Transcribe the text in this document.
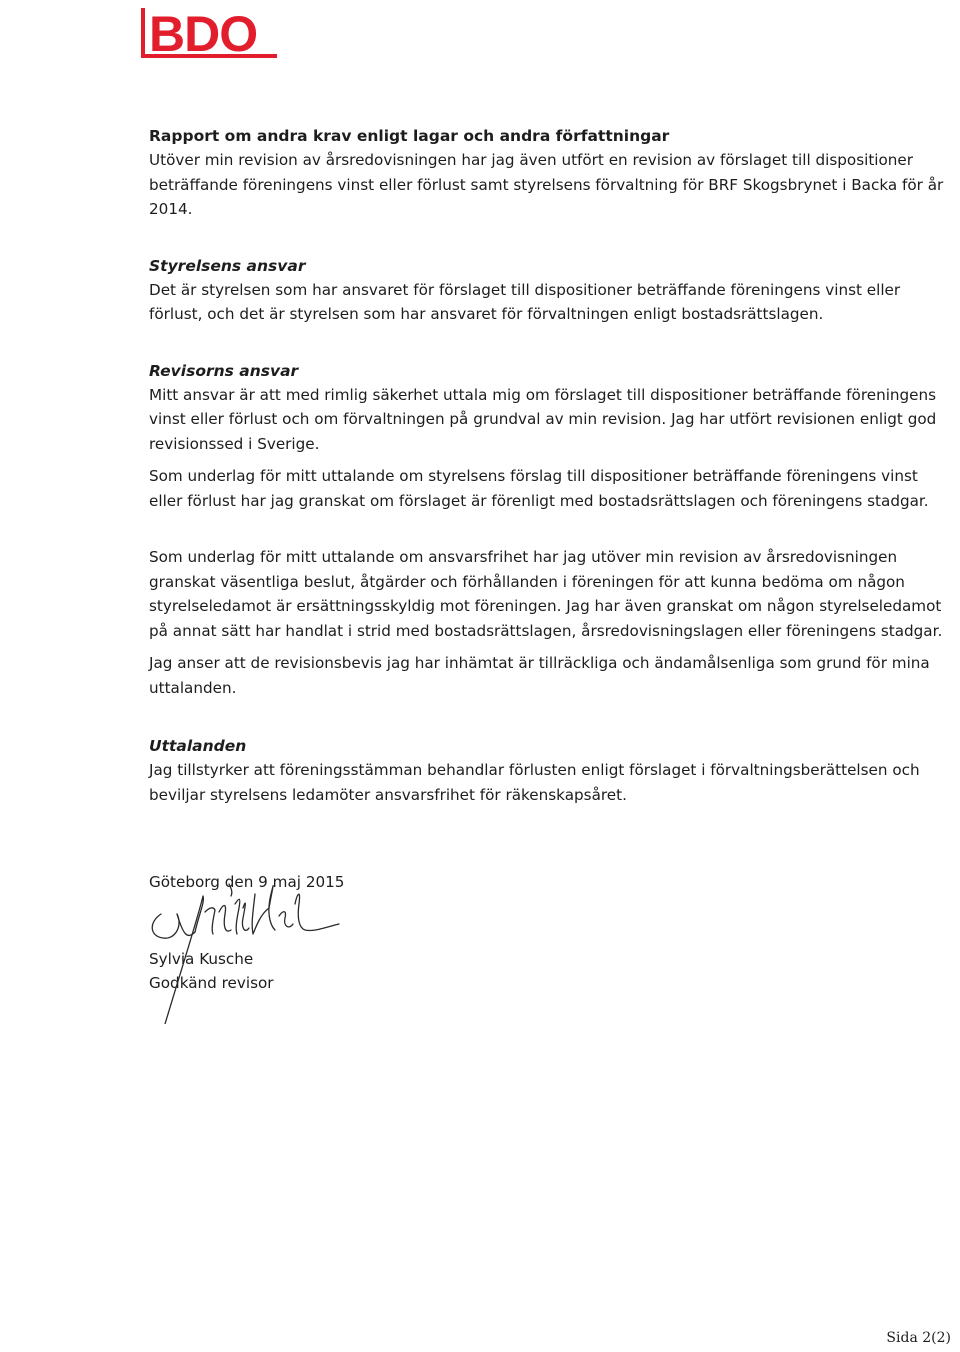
BDO

Rapport om andra krav enligt lagar och andra författningar

Utöver min revision av årsredovisningen har jag även utfört en revision av förslaget till dispositioner beträffande föreningens vinst eller förlust samt styrelsens förvaltning för BRF Skogsbrynet i Backa för år 2014.

Styrelsens ansvar

Det är styrelsen som har ansvaret för förslaget till dispositioner beträffande föreningens vinst eller förlust, och det är styrelsen som har ansvaret för förvaltningen enligt bostadsrättslagen.

Revisorns ansvar

Mitt ansvar är att med rimlig säkerhet uttala mig om förslaget till dispositioner beträffande föreningens vinst eller förlust och om förvaltningen på grundval av min revision. Jag har utfört revisionen enligt god revisionssed i Sverige.

Som underlag för mitt uttalande om styrelsens förslag till dispositioner beträffande föreningens vinst eller förlust har jag granskat om förslaget är förenligt med bostadsrättslagen och föreningens stadgar.

Som underlag för mitt uttalande om ansvarsfrihet har jag utöver min revision av årsredovisningen granskat väsentliga beslut, åtgärder och förhållanden i föreningen för att kunna bedöma om någon styrelseledamot är ersättningsskyldig mot föreningen. Jag har även granskat om någon styrelseledamot på annat sätt har handlat i strid med bostadsrättslagen, årsredovisningslagen eller föreningens stadgar.

Jag anser att de revisionsbevis jag har inhämtat är tillräckliga och ändamålsenliga som grund för mina uttalanden.

Uttalanden

Jag tillstyrker att föreningsstämman behandlar förlusten enligt förslaget i förvaltningsberättelsen och beviljar styrelsens ledamöter ansvarsfrihet för räkenskapsåret.

Göteborg den 9 maj 2015

Sylvia Kusche

Godkänd revisor

Sida 2(2)
